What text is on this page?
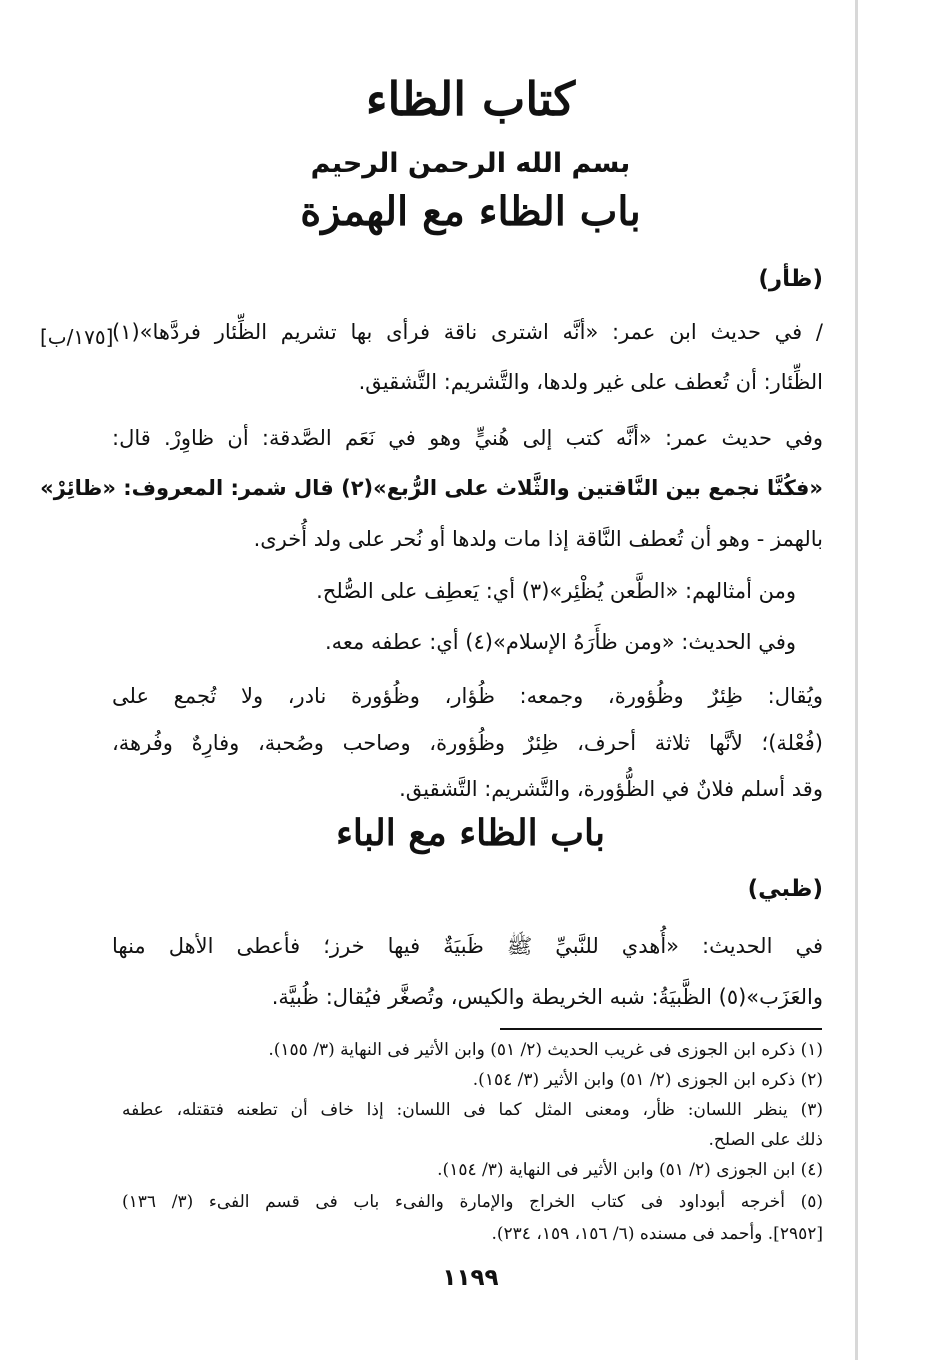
كتاب الظاء
بسم الله الرحمن الرحيم
باب الظاء مع الهمزة
(ظأر)
[١٧٥/ب]
/ في حديث ابن عمر: «أنَّه اشترى ناقة فرأى بها تشريم الظِّئار فردَّها»(١)
الظِّئار: أن تُعطف على غير ولدها، والتَّشريم: التَّشقيق.
وفي حديث عمر: «أنَّه كتب إلى هُنيٍّ وهو في نَعَم الصَّدقة: أن ظاوِرْ. قال:
«فكُنَّا نجمع بين النَّاقتين والثَّلاث على الرُّبع»(٢) قال شمر: المعروف: «ظائِرْ»
بالهمز - وهو أن تُعطف النَّاقة إذا مات ولدها أو نُحر على ولد أُخرى.
ومن أمثالهم: «الطَّعن يُظْئِر»(٣) أي: يَعطِف على الصُّلح.
وفي الحديث: «ومن ظأَرَهُ الإسلام»(٤) أي: عطفه معه.
ويُقال: ظِئرٌ وظُؤورة، وجمعه: ظُؤار، وظُؤورة نادر، ولا تُجمع على
(فُعْلة)؛ لأنَّها ثلاثة أحرف، ظِئرٌ وظُؤورة، وصاحب وصُحبة، وفارِهٌ وفُرهة،
وقد أسلم فلانٌ في الظُّؤورة، والتَّشريم: التَّشقيق.
باب الظاء مع الباء
(ظبي)
في الحديث: «أُهدي للنَّبيِّ ﷺ ظَبيَةٌ فيها خرز؛ فأعطى الأهل منها
والعَزَب»(٥) الظَّبيَةُ: شبه الخريطة والكيس، وتُصغَّر فيُقال: ظُبيَّة.
(١) ذكره ابن الجوزى فى غريب الحديث (٢/ ٥١) وابن الأثير فى النهاية (٣/ ١٥٥).
(٢) ذكره ابن الجوزى (٢/ ٥١) وابن الأثير (٣/ ١٥٤).
(٣) ينظر اللسان: ظأر، ومعنى المثل كما فى اللسان: إذا خاف أن تطعنه فتقتله، عطفه
ذلك على الصلح.
(٤) ابن الجوزى (٢/ ٥١) وابن الأثير فى النهاية (٣/ ١٥٤).
(٥) أخرجه أبوداود فى كتاب الخراج والإمارة والفىء باب فى قسم الفىء (٣/ ١٣٦)
[٢٩٥٢]. وأحمد فى مسنده (٦/ ١٥٦، ١٥٩، ٢٣٤).
١١٩٩
